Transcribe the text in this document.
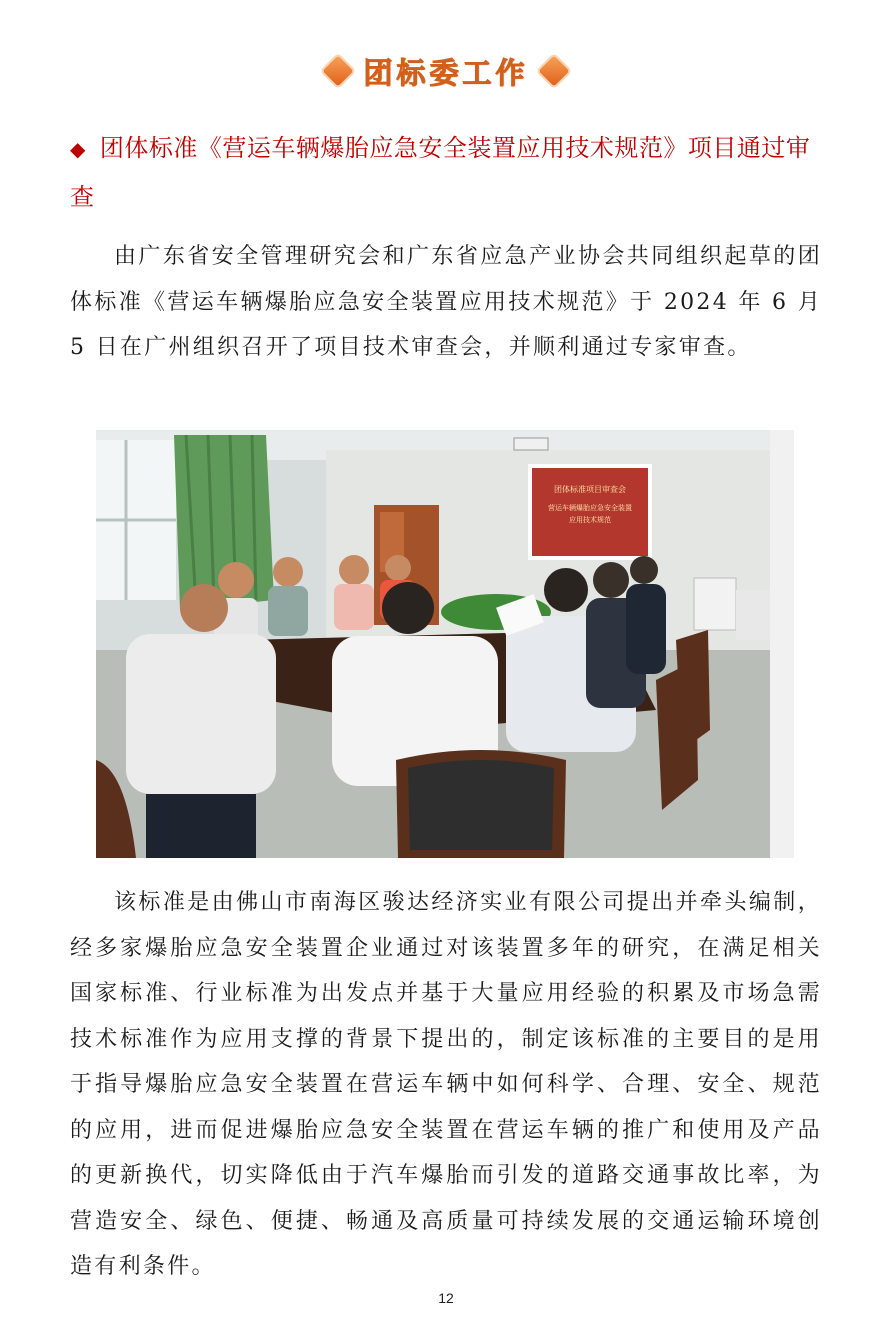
团标委工作
◆ 团体标准《营运车辆爆胎应急安全装置应用技术规范》项目通过审查

由广东省安全管理研究会和广东省应急产业协会共同组织起草的团体标准《营运车辆爆胎应急安全装置应用技术规范》于 2024 年 6 月 5 日在广州组织召开了项目技术审查会，并顺利通过专家审查。

团体标准项目审查会
营运车辆爆胎应急安全装置
应用技术规范

该标准是由佛山市南海区骏达经济实业有限公司提出并牵头编制，经多家爆胎应急安全装置企业通过对该装置多年的研究，在满足相关国家标准、行业标准为出发点并基于大量应用经验的积累及市场急需技术标准作为应用支撑的背景下提出的，制定该标准的主要目的是用于指导爆胎应急安全装置在营运车辆中如何科学、合理、安全、规范的应用，进而促进爆胎应急安全装置在营运车辆的推广和使用及产品的更新换代，切实降低由于汽车爆胎而引发的道路交通事故比率，为营造安全、绿色、便捷、畅通及高质量可持续发展的交通运输环境创造有利条件。

12
